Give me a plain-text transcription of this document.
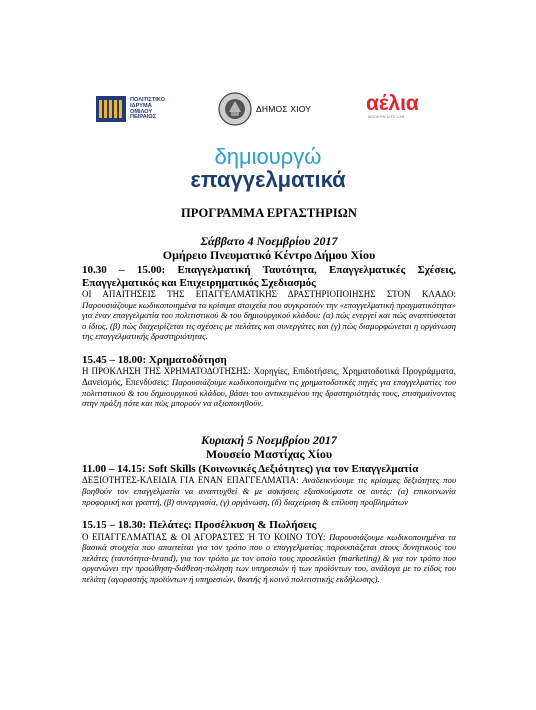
ΠΟΛΙΤΙΣΤΙΚΟ
ΙΔΡΥΜΑ
ΟΜΙΛΟΥ
ΠΕΙΡΑΙΩΣ
ΔΗΜΟΣ ΧΙΟΥ	αέλια
MODERN LIFE LAB
δημιουργώ
επαγγελματικά

ΠΡΟΓΡΑΜΜΑ ΕΡΓΑΣΤΗΡΙΩΝ

Σάββατο 4 Νοεμβρίου 2017

Ομήρειο Πνευματικό Κέντρο Δήμου Χίου

10.30 – 15.00: Επαγγελματική Ταυτότητα, Επαγγελματικές Σχέσεις, Επαγγελματικός και Επιχειρηματικός Σχεδιασμός

ΟΙ ΑΠΑΙΤΗΣΕΙΣ ΤΗΣ ΕΠΑΓΓΕΛΜΑΤΙΚΗΣ ΔΡΑΣΤΗΡΙΟΠΟΙΗΣΗΣ ΣΤΟΝ ΚΛΑΔΟ: Παρουσιάζουμε κωδικοποιημένα τα κρίσιμα στοιχεία που συγκροτούν την «επαγγελματική πραγματικότητα» για έναν επαγγελματία του πολιτιστικού & του δημιουργικού κλάδου: (α) πώς ενεργεί και πώς αναπτύσσεται ο ίδιος, (β) πώς διαχειρίζεται τις σχέσεις με πελάτες και συνεργάτες και (γ) πώς διαμορφώνεται η οργάνωση της επαγγελματικής δραστηριότητας.

15.45 – 18.00: Χρηματοδότηση

Η ΠΡΟΚΛΗΣΗ ΤΗΣ ΧΡΗΜΑΤΟΔΟΤΗΣΗΣ: Χορηγίες, Επιδοτήσεις, Χρηματοδοτικά Προγράμματα, Δανεισμός, Επενδύσεις: Παρουσιάζουμε κωδικοποιημένα τις χρηματοδοτικές πηγές για επαγγελματίες του πολιτιστικού & του δημιουργικού κλάδου, βάσει του αντικειμένου της δραστηριότητάς τους, επισημαίνοντας στην πράξη πότε και πώς μπορούν να αξιοποιηθούν.

Κυριακή 5 Νοεμβρίου 2017

Μουσείο Μαστίχας Χίου

11.00 – 14.15: Soft Skills (Κοινωνικές Δεξιότητες) για τον Επαγγελματία

ΔΕΞΙΟΤΗΤΕΣ-ΚΛΕΙΔΙΑ ΓΙΑ ΕΝΑΝ ΕΠΑΓΓΕΛΜΑΤΙΑ: Αναδεικνύουμε τις κρίσιμες δεξιότητες που βοηθούν τον επαγγελματία να αναπτυχθεί & με ασκήσεις εξασκούμαστε σε αυτές: (α) επικοινωνία προφορική και γραπτή, (β) συνεργασία, (γ) οργάνωση, (δ) διαχείριση & επίλυση προβλημάτων

15.15 – 18.30: Πελάτες: Προσέλκυση & Πωλήσεις

Ο ΕΠΑΓΓΕΛΜΑΤΙΑΣ & ΟΙ ΑΓΟΡΑΣΤΕΣ Ή ΤΟ ΚΟΙΝΟ ΤΟΥ: Παρουσιάζουμε κωδικοποιημένα τα βασικά στοιχεία που απαιτείται για τον τρόπο που ο επαγγελματίας παρουσιάζεται στους δυνητικούς του πελάτες (ταυτότητα-brand), για τον τρόπο με τον οποίο τους προσελκύει (marketing) & για τον τρόπο που οργανώνει την προώθηση-διάθεση-πώληση των υπηρεσιών ή των προϊόντων του, ανάλογα με το είδος του πελάτη (αγοραστής προϊόντων ή υπηρεσιών, θεατής ή κοινό πολιτιστικής εκδήλωσης).
